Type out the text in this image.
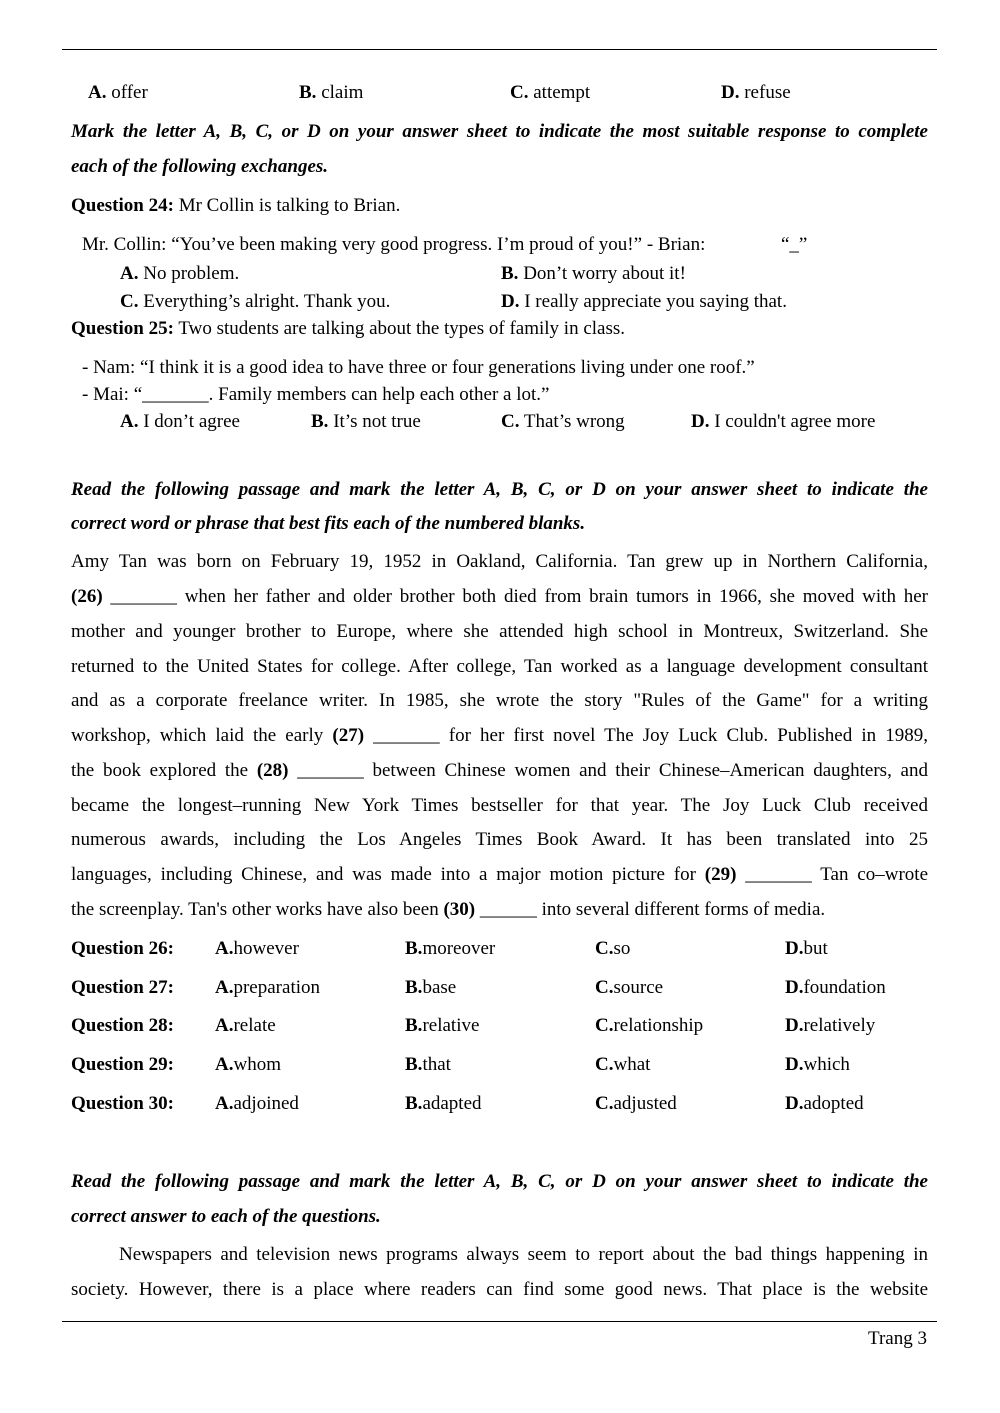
A. offer	B. claim	C. attempt	D. refuse
Mark the letter A, B, C, or D on your answer sheet to indicate the most suitable response to complete
each of the following exchanges.
Question 24: Mr Collin is talking to Brian.
Mr. Collin: “You’ve been making very good progress. I’m proud of you!” - Brian:	“_”
A. No problem.	B. Don’t worry about it!
C. Everything’s alright. Thank you.	D. I really appreciate you saying that.
Question 25: Two students are talking about the types of family in class.
- Nam: “I think it is a good idea to have three or four generations living under one roof.”
- Mai: “_______. Family members can help each other a lot.”
A. I don’t agree	B. It’s not true	C. That’s wrong	D. I couldn't agree more
Read the following passage and mark the letter A, B, C, or D on your answer sheet to indicate the
correct word or phrase that best fits each of the numbered blanks.
Amy Tan was born on February 19, 1952 in Oakland, California. Tan grew up in Northern California,
(26) _______ when her father and older brother both died from brain tumors in 1966, she moved with her
mother and younger brother to Europe, where she attended high school in Montreux, Switzerland. She
returned to the United States for college. After college, Tan worked as a language development consultant
and as a corporate freelance writer. In 1985, she wrote the story "Rules of the Game" for a writing
workshop, which laid the early (27) _______ for her first novel The Joy Luck Club. Published in 1989,
the book explored the (28) _______ between Chinese women and their Chinese–American daughters, and
became the longest–running New York Times bestseller for that year. The Joy Luck Club received
numerous awards, including the Los Angeles Times Book Award. It has been translated into 25
languages, including Chinese, and was made into a major motion picture for (29) _______ Tan co–wrote
the screenplay. Tan's other works have also been (30) ______ into several different forms of media.
Question 26: A. however	B. moreover	C. so	D. but
Question 27: A. preparation	B. base	C. source	D. foundation
Question 28: A. relate	B. relative	C. relationship	D. relatively
Question 29: A. whom	B. that	C. what	D. which
Question 30: A. adjoined	B. adapted	C. adjusted	D. adopted
Read the following passage and mark the letter A, B, C, or D on your answer sheet to indicate the
correct answer to each of the questions.
Newspapers and television news programs always seem to report about the bad things happening in
society. However, there is a place where readers can find some good news. That place is the website
Trang 3
